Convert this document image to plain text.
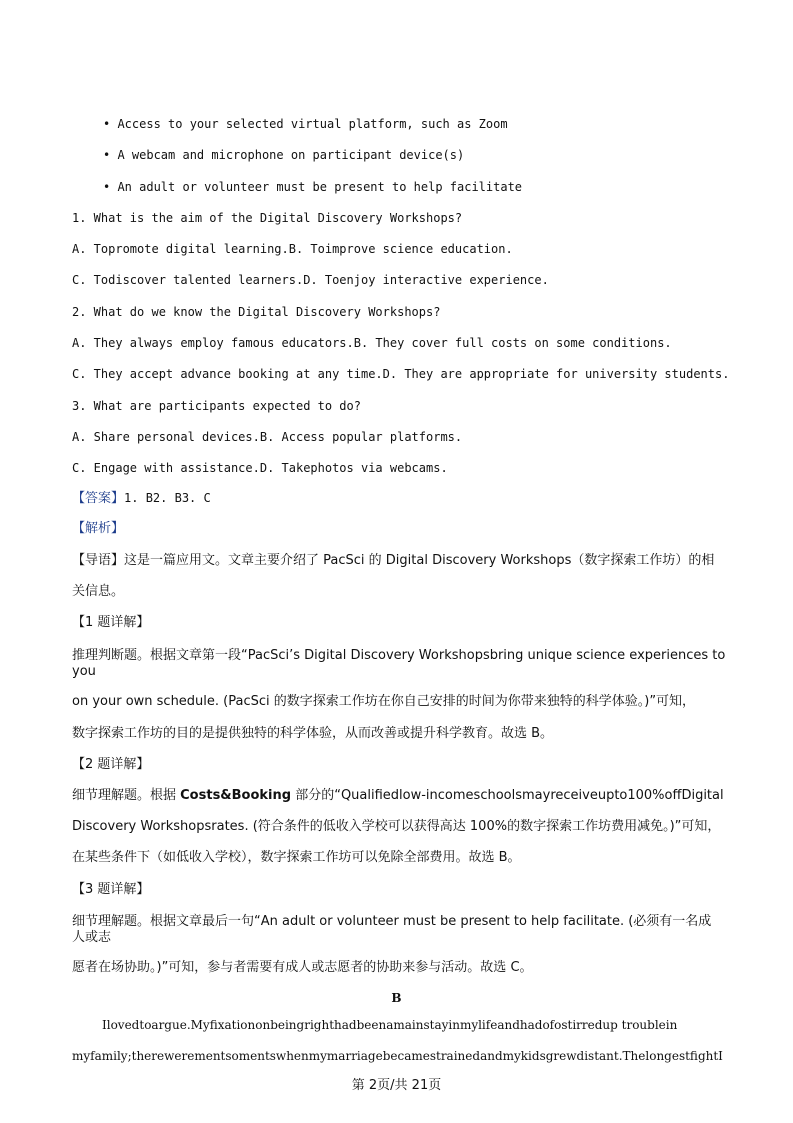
• Access to your selected virtual platform, such as Zoom
• A webcam and microphone on participant device(s)
• An adult or volunteer must be present to help facilitate
1. What is the aim of the Digital Discovery Workshops?
A. Topromote digital learning.B. Toimprove science education.
C. Todiscover talented learners.D. Toenjoy interactive experience.
2. What do we know the Digital Discovery Workshops?
A. They always employ famous educators.B. They cover full costs on some conditions.
C. They accept advance booking at any time.D. They are appropriate for university students.
3. What are participants expected to do?
A. Share personal devices.B. Access popular platforms.
C. Engage with assistance.D. Takephotos via webcams.
【答案】1. B2. B3. C
【解析】
【导语】这是一篇应用文。文章主要介绍了 PacSci 的 Digital Discovery Workshops（数字探索工作坊）的相
关信息。
【1 题详解】
推理判断题。根据文章第一段“PacSci’s Digital Discovery Workshopsbring unique science experiences to
you
on your own schedule. (PacSci 的数字探索工作坊在你自己安排的时间为你带来独特的科学体验。)”可知，
数字探索工作坊的目的是提供独特的科学体验，从而改善或提升科学教育。故选 B。
【2 题详解】
细节理解题。根据 Costs&Booking 部分的“Qualifiedlow-incomeschoolsmayreceiveupto100%offDigital
Discovery Workshopsrates. (符合条件的低收入学校可以获得高达 100%的数字探索工作坊费用减免。)”可知，
在某些条件下（如低收入学校），数字探索工作坊可以免除全部费用。故选 B。
【3 题详解】
细节理解题。根据文章最后一句“An adult or volunteer must be present to help facilitate. (必须有一名成
人或志
愿者在场协助。)”可知，参与者需要有成人或志愿者的协助来参与活动。故选 C。
B
Ilovedtoargue.Myfixationonbeingrighthadbeenamainstayinmylifeandhadofostirredup troublein
myfamily;therewerementsomentswhenmymarriagebecamestrainedandmykidsgrewdistant.ThelongestfightI
第 2页/共 21页
